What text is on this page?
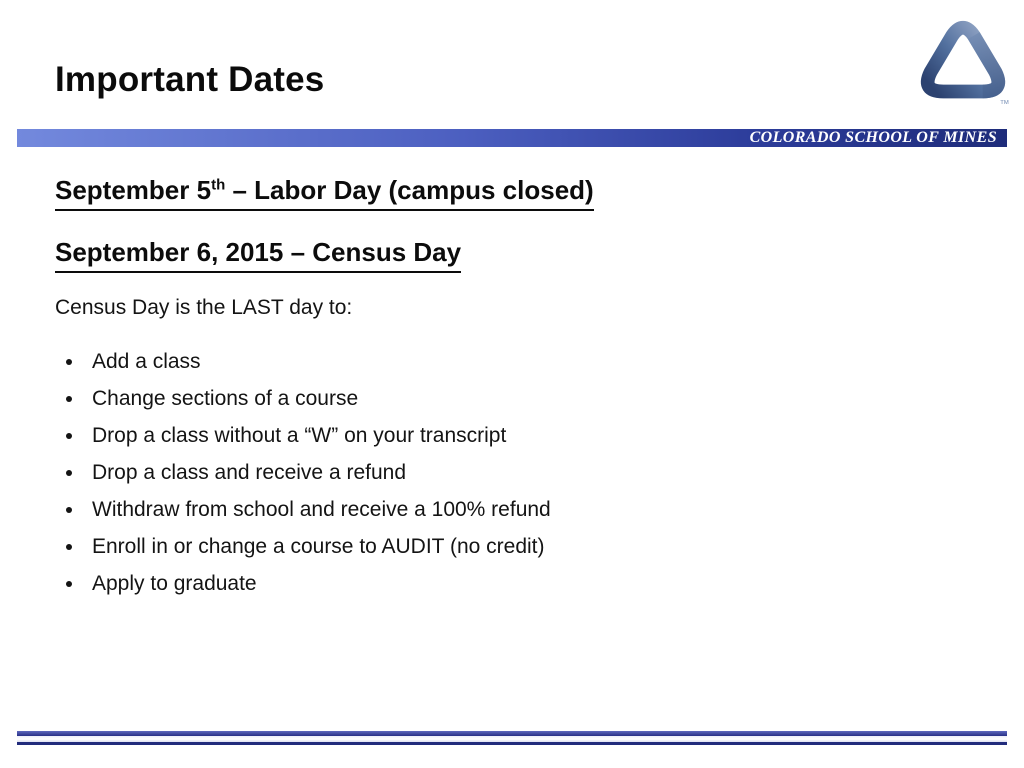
Important Dates
TM
COLORADO SCHOOL OF MINES
September 5th – Labor Day (campus closed)
September 6, 2015 – Census Day
Census Day is the LAST day to:
Add a class
Change sections of a course
Drop a class without a “W” on your transcript
Drop a class and receive a refund
Withdraw from school and receive a 100% refund
Enroll in or change a course to AUDIT (no credit)
Apply to graduate
